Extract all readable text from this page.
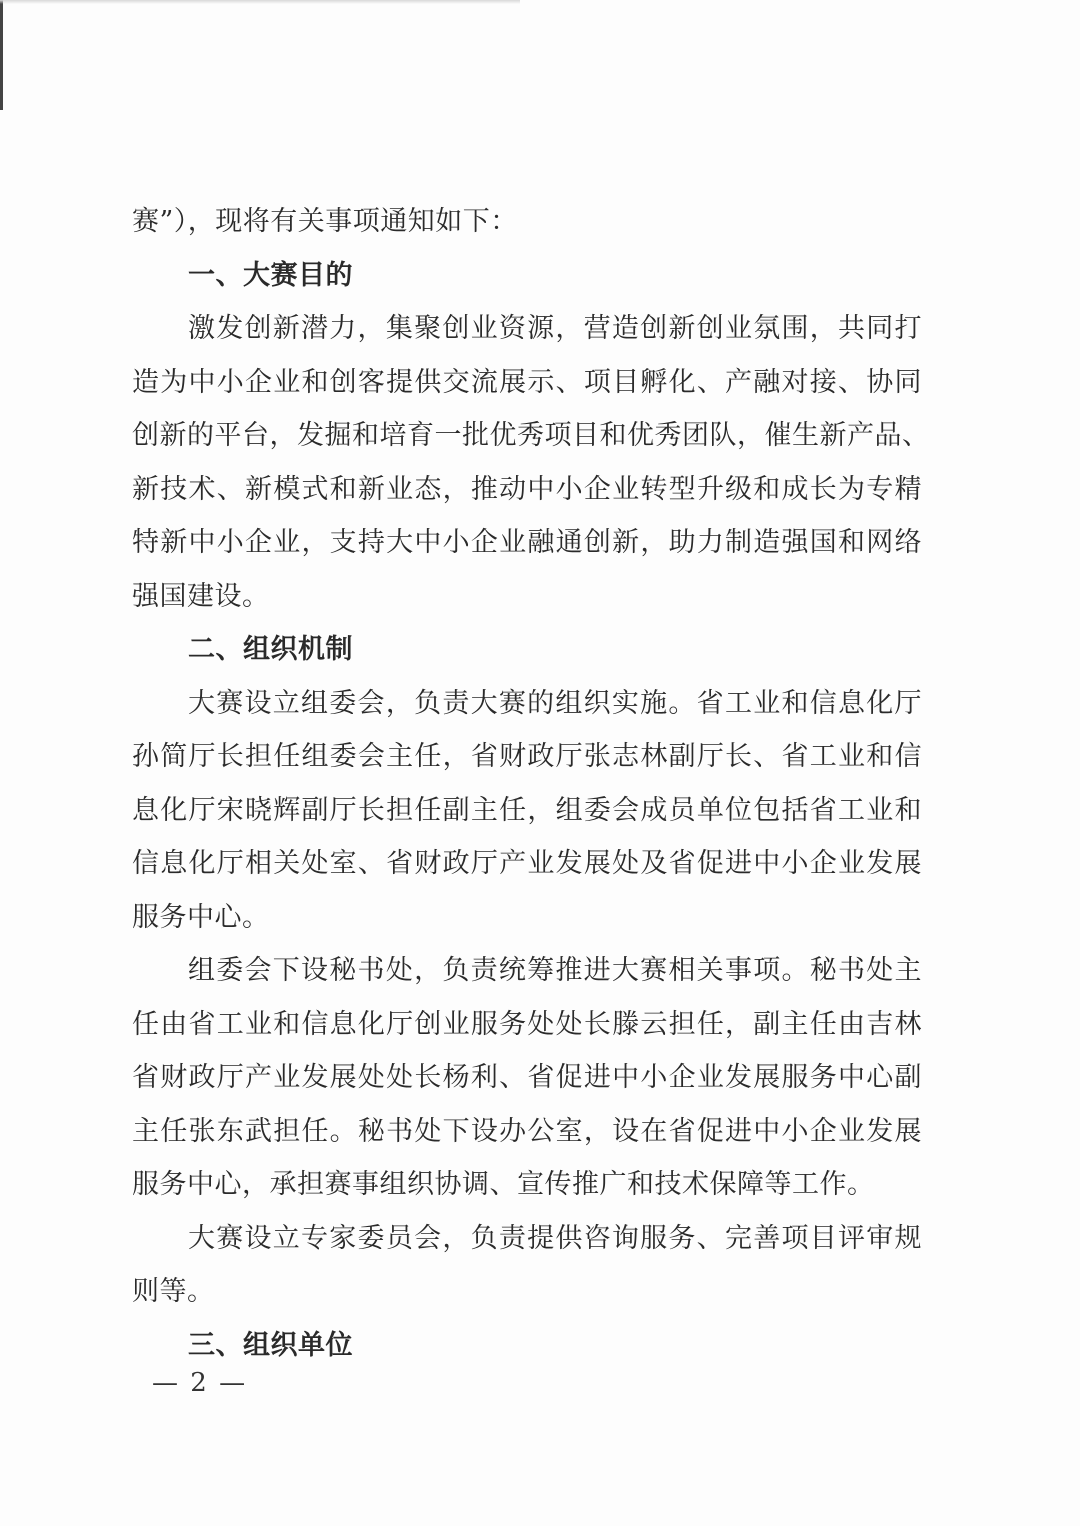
赛”），现将有关事项通知如下：
一、大赛目的
激发创新潜力，集聚创业资源，营造创新创业氛围，共同打
造为中小企业和创客提供交流展示、项目孵化、产融对接、协同
创新的平台，发掘和培育一批优秀项目和优秀团队，催生新产品、
新技术、新模式和新业态，推动中小企业转型升级和成长为专精
特新中小企业，支持大中小企业融通创新，助力制造强国和网络
强国建设。
二、组织机制
大赛设立组委会，负责大赛的组织实施。省工业和信息化厅
孙简厅长担任组委会主任，省财政厅张志林副厅长、省工业和信
息化厅宋晓辉副厅长担任副主任，组委会成员单位包括省工业和
信息化厅相关处室、省财政厅产业发展处及省促进中小企业发展
服务中心。
组委会下设秘书处，负责统筹推进大赛相关事项。秘书处主
任由省工业和信息化厅创业服务处处长滕云担任，副主任由吉林
省财政厅产业发展处处长杨利、省促进中小企业发展服务中心副
主任张东武担任。秘书处下设办公室，设在省促进中小企业发展
服务中心，承担赛事组织协调、宣传推广和技术保障等工作。
大赛设立专家委员会，负责提供咨询服务、完善项目评审规
则等。
三、组织单位
— 2 —
